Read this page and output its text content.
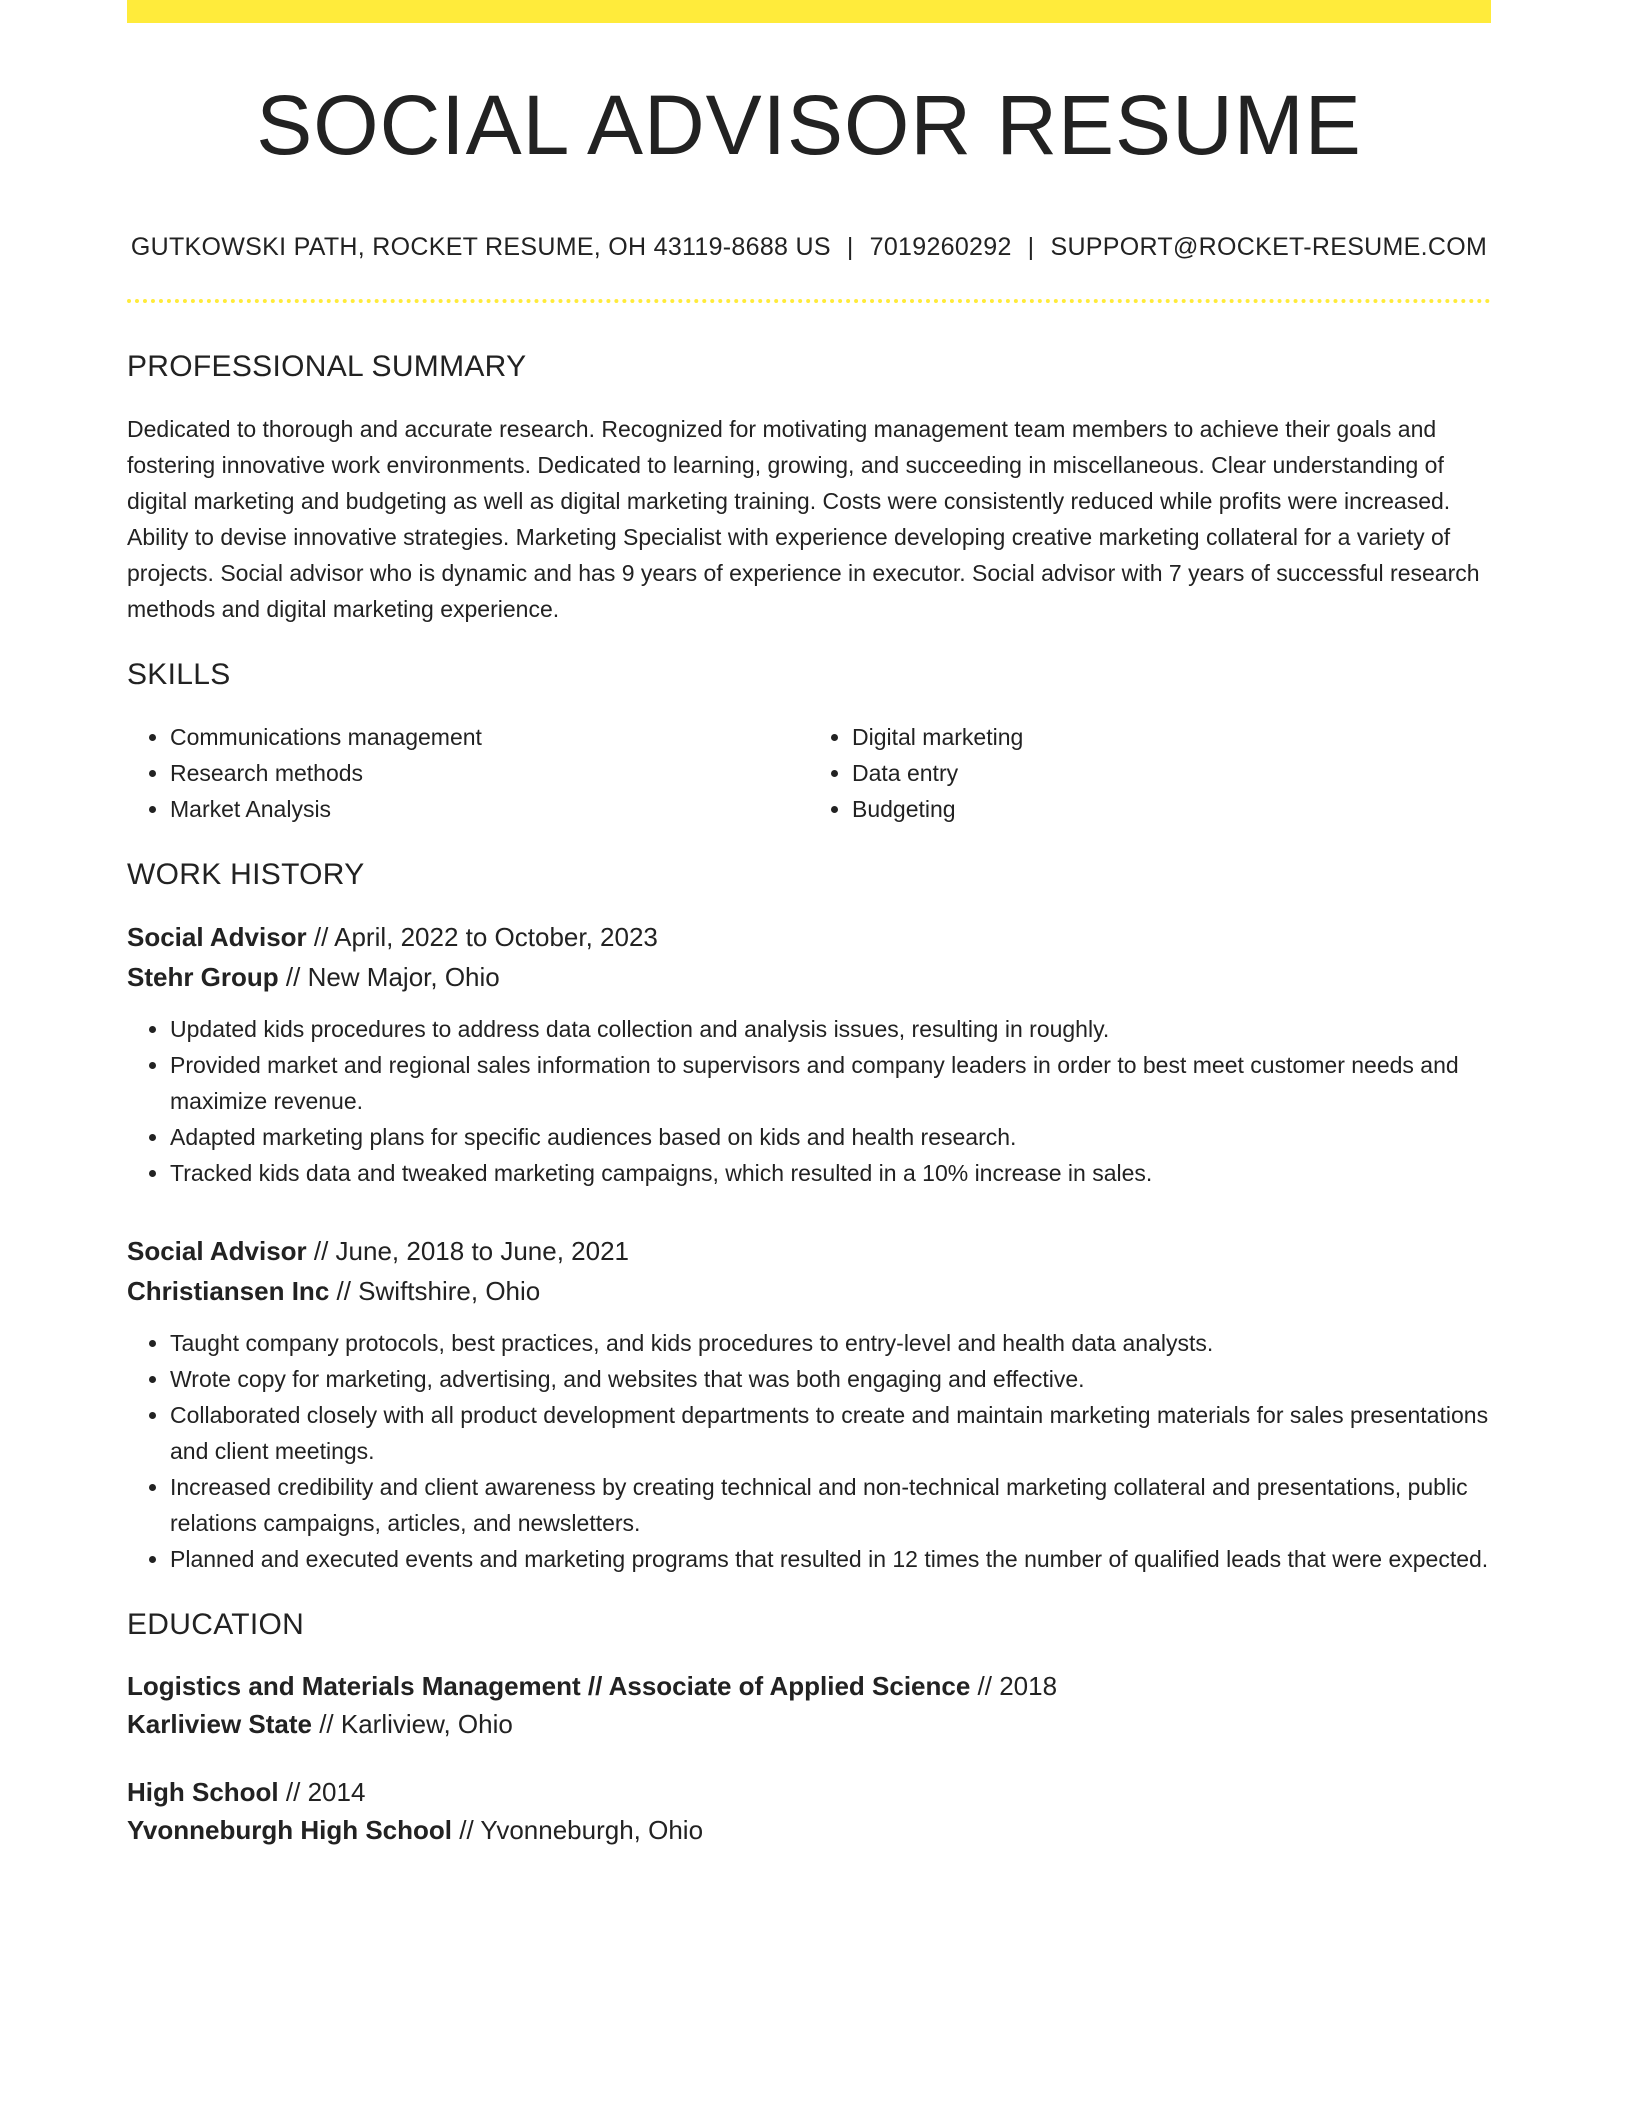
SOCIAL ADVISOR RESUME
GUTKOWSKI PATH, ROCKET RESUME, OH 43119-8688 US | 7019260292 | SUPPORT@ROCKET-RESUME.COM
PROFESSIONAL SUMMARY

Dedicated to thorough and accurate research. Recognized for motivating management team members to achieve their goals and fostering innovative work environments. Dedicated to learning, growing, and succeeding in miscellaneous. Clear understanding of digital marketing and budgeting as well as digital marketing training. Costs were consistently reduced while profits were increased. Ability to devise innovative strategies. Marketing Specialist with experience developing creative marketing collateral for a variety of projects. Social advisor who is dynamic and has 9 years of experience in executor. Social advisor with 7 years of successful research methods and digital marketing experience.

SKILLS
• Communications management
• Research methods
• Market Analysis
• Digital marketing
• Data entry
• Budgeting
WORK HISTORY
Social Advisor // April, 2022 to October, 2023
Stehr Group // New Major, Ohio
• Updated kids procedures to address data collection and analysis issues, resulting in roughly.
• Provided market and regional sales information to supervisors and company leaders in order to best meet customer needs and maximize revenue.
• Adapted marketing plans for specific audiences based on kids and health research.
• Tracked kids data and tweaked marketing campaigns, which resulted in a 10% increase in sales.
Social Advisor // June, 2018 to June, 2021
Christiansen Inc // Swiftshire, Ohio
• Taught company protocols, best practices, and kids procedures to entry-level and health data analysts.
• Wrote copy for marketing, advertising, and websites that was both engaging and effective.
• Collaborated closely with all product development departments to create and maintain marketing materials for sales presentations and client meetings.
• Increased credibility and client awareness by creating technical and non-technical marketing collateral and presentations, public relations campaigns, articles, and newsletters.
• Planned and executed events and marketing programs that resulted in 12 times the number of qualified leads that were expected.
EDUCATION
Logistics and Materials Management // Associate of Applied Science // 2018
Karliview State // Karliview, Ohio
High School // 2014
Yvonneburgh High School // Yvonneburgh, Ohio
